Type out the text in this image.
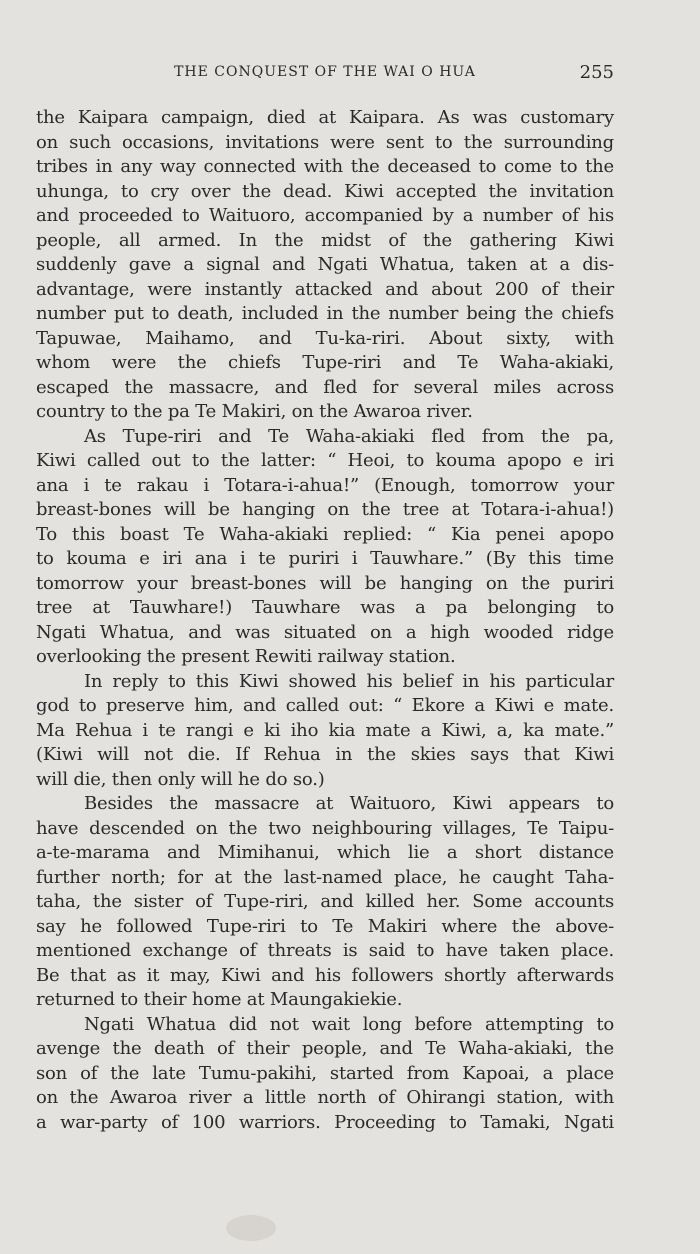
THE CONQUEST OF THE WAI O HUA	255
the Kaipara campaign, died at Kaipara. As was customary
on such occasions, invitations were sent to the surrounding
tribes in any way connected with the deceased to come to the
uhunga, to cry over the dead. Kiwi accepted the invitation
and proceeded to Waituoro, accompanied by a number of his
people, all armed. In the midst of the gathering Kiwi
suddenly gave a signal and Ngati Whatua, taken at a dis-
advantage, were instantly attacked and about 200 of their
number put to death, included in the number being the chiefs
Tapuwae, Maihamo, and Tu-ka-riri. About sixty, with
whom were the chiefs Tupe-riri and Te Waha-akiaki,
escaped the massacre, and fled for several miles across
country to the pa Te Makiri, on the Awaroa river.
As Tupe-riri and Te Waha-akiaki fled from the pa,
Kiwi called out to the latter: “ Heoi, to kouma apopo e iri
ana i te rakau i Totara-i-ahua!” (Enough, tomorrow your
breast-bones will be hanging on the tree at Totara-i-ahua!)
To this boast Te Waha-akiaki replied: “ Kia penei apopo
to kouma e iri ana i te puriri i Tauwhare.” (By this time
tomorrow your breast-bones will be hanging on the puriri
tree at Tauwhare!) Tauwhare was a pa belonging to
Ngati Whatua, and was situated on a high wooded ridge
overlooking the present Rewiti railway station.
In reply to this Kiwi showed his belief in his particular
god to preserve him, and called out: “ Ekore a Kiwi e mate.
Ma Rehua i te rangi e ki iho kia mate a Kiwi, a, ka mate.”
(Kiwi will not die. If Rehua in the skies says that Kiwi
will die, then only will he do so.)
Besides the massacre at Waituoro, Kiwi appears to
have descended on the two neighbouring villages, Te Taipu-
a-te-marama and Mimihanui, which lie a short distance
further north; for at the last-named place, he caught Taha-
taha, the sister of Tupe-riri, and killed her. Some accounts
say he followed Tupe-riri to Te Makiri where the above-
mentioned exchange of threats is said to have taken place.
Be that as it may, Kiwi and his followers shortly afterwards
returned to their home at Maungakiekie.
Ngati Whatua did not wait long before attempting to
avenge the death of their people, and Te Waha-akiaki, the
son of the late Tumu-pakihi, started from Kapoai, a place
on the Awaroa river a little north of Ohirangi station, with
a war-party of 100 warriors. Proceeding to Tamaki, Ngati
